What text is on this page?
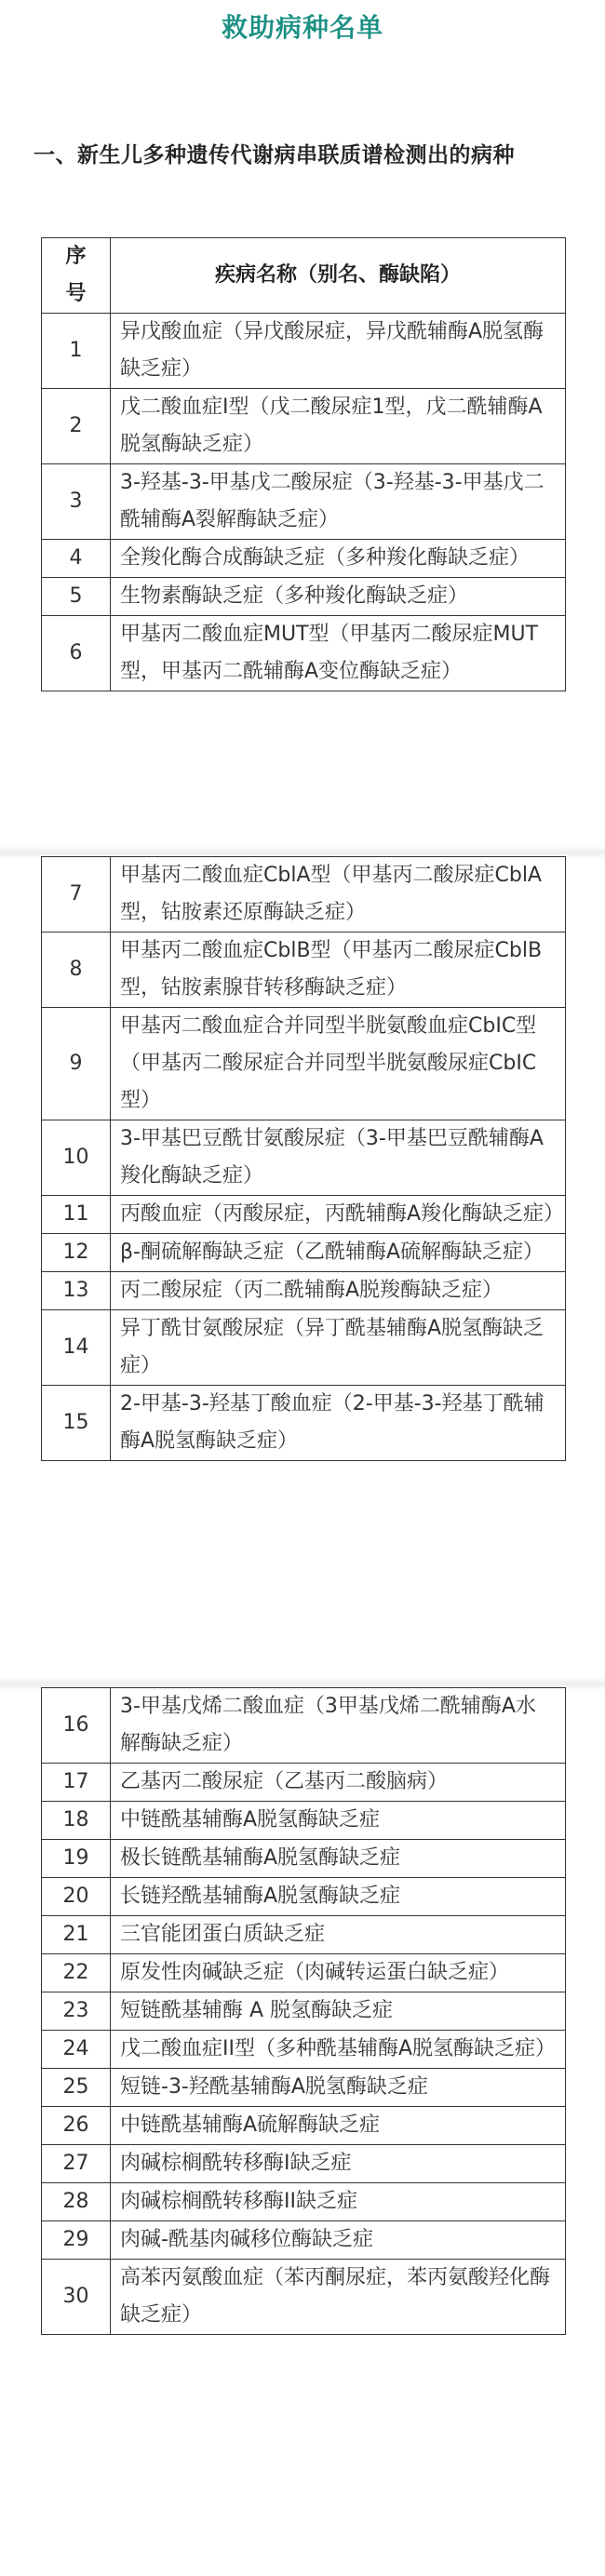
救助病种名单
一、新生儿多种遗传代谢病串联质谱检测出的病种
序
号	疾病名称（别名、酶缺陷）
1	异戊酸血症（异戊酸尿症，异戊酰辅酶A脱氢酶缺乏症）
2	戊二酸血症I型（戊二酸尿症1型，戊二酰辅酶A脱氢酶缺乏症）
3	3-羟基-3-甲基戊二酸尿症（3-羟基-3-甲基戊二酰辅酶A裂解酶缺乏症）
4	全羧化酶合成酶缺乏症（多种羧化酶缺乏症）
5	生物素酶缺乏症（多种羧化酶缺乏症）
6	甲基丙二酸血症MUT型（甲基丙二酸尿症MUT型，甲基丙二酰辅酶A变位酶缺乏症）
7	甲基丙二酸血症CblA型（甲基丙二酸尿症CblA型，钴胺素还原酶缺乏症）
8	甲基丙二酸血症CblB型（甲基丙二酸尿症CblB型，钴胺素腺苷转移酶缺乏症）
9	甲基丙二酸血症合并同型半胱氨酸血症CbIC型（甲基丙二酸尿症合并同型半胱氨酸尿症CbIC型）
10	3-甲基巴豆酰甘氨酸尿症（3-甲基巴豆酰辅酶A羧化酶缺乏症）
11	丙酸血症（丙酸尿症，丙酰辅酶A羧化酶缺乏症）
12	β-酮硫解酶缺乏症（乙酰辅酶A硫解酶缺乏症）
13	丙二酸尿症（丙二酰辅酶A脱羧酶缺乏症）
14	异丁酰甘氨酸尿症（异丁酰基辅酶A脱氢酶缺乏症）
15	2-甲基-3-羟基丁酸血症（2-甲基-3-羟基丁酰辅酶A脱氢酶缺乏症）
16	3-甲基戊烯二酸血症（3甲基戊烯二酰辅酶A水解酶缺乏症）
17	乙基丙二酸尿症（乙基丙二酸脑病）
18	中链酰基辅酶A脱氢酶缺乏症
19	极长链酰基辅酶A脱氢酶缺乏症
20	长链羟酰基辅酶A脱氢酶缺乏症
21	三官能团蛋白质缺乏症
22	原发性肉碱缺乏症（肉碱转运蛋白缺乏症）
23	短链酰基辅酶 A 脱氢酶缺乏症
24	戊二酸血症II型（多种酰基辅酶A脱氢酶缺乏症）
25	短链-3-羟酰基辅酶A脱氢酶缺乏症
26	中链酰基辅酶A硫解酶缺乏症
27	肉碱棕榈酰转移酶I缺乏症
28	肉碱棕榈酰转移酶II缺乏症
29	肉碱-酰基肉碱移位酶缺乏症
30	高苯丙氨酸血症（苯丙酮尿症，苯丙氨酸羟化酶缺乏症）
